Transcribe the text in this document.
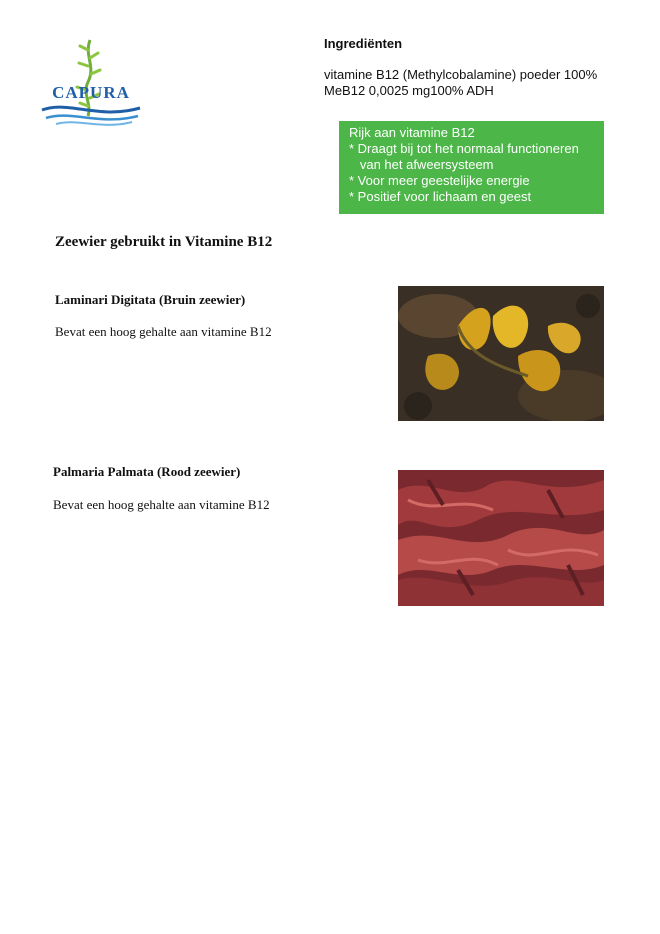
CAPURA
Ingrediënten
vitamine B12 (Methylcobalamine) poeder 100%
MeB12 0,0025 mg100% ADH
Rijk aan vitamine B12
* Draagt bij tot het normaal functioneren
van het afweersysteem
* Voor meer geestelijke energie
* Positief voor lichaam en geest
Zeewier gebruikt in Vitamine B12
Laminari Digitata (Bruin zeewier)
Bevat een hoog gehalte aan vitamine B12
Palmaria Palmata (Rood zeewier)
Bevat een hoog gehalte aan vitamine B12
